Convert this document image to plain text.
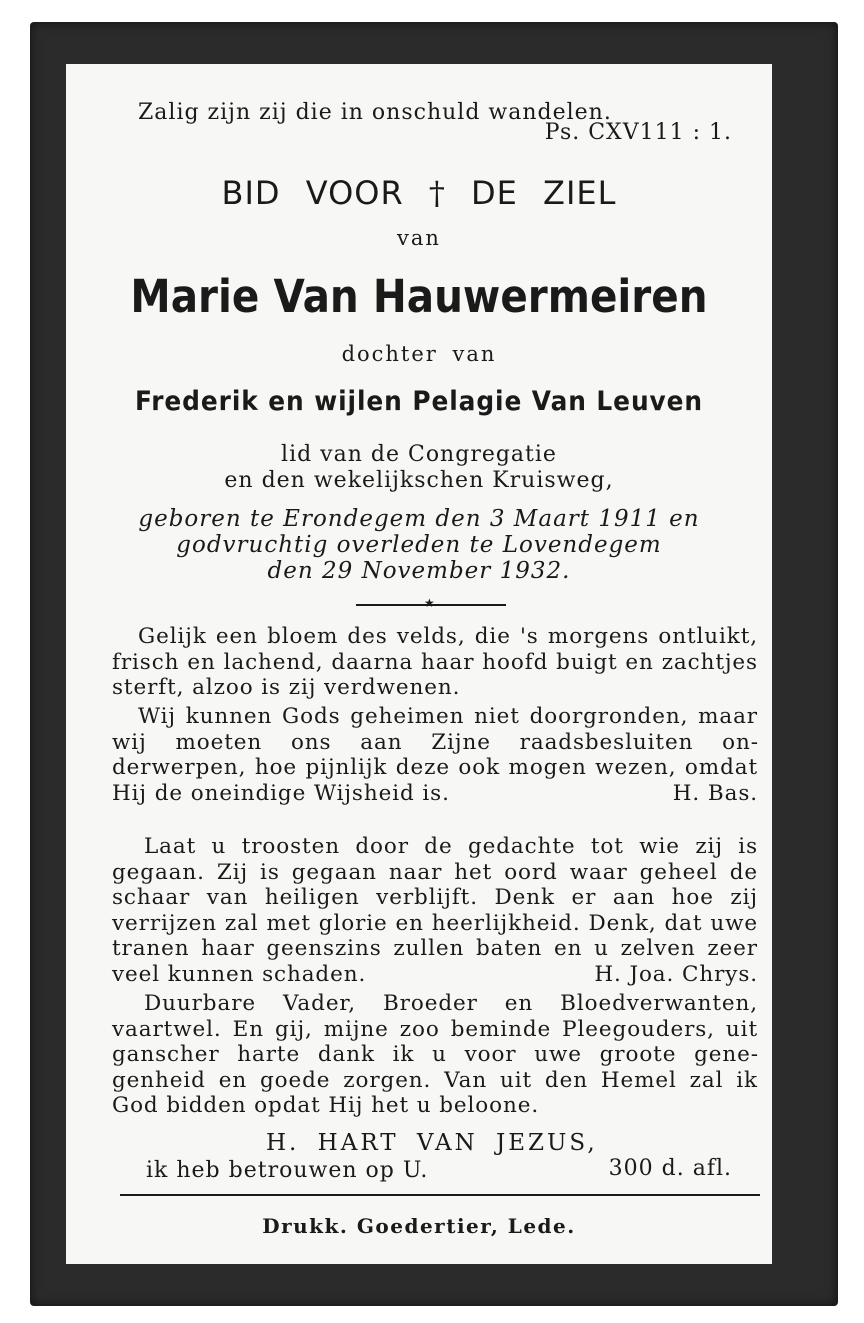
Zalig zijn zij die in onschuld wandelen.
Ps. CXV111 : 1.
BID VOOR † DE ZIEL
van
Marie Van Hauwermeiren
dochter van
Frederik en wijlen Pelagie Van Leuven
lid van de Congregatie
en den wekelijkschen Kruisweg,
geboren te Erondegem den 3 Maart 1911 en
godvruchtig overleden te Lovendegem
den 29 November 1932.
★
Gelijk een bloem des velds, die 's morgens ontluikt, frisch en lachend, daarna haar hoofd buigt en zachtjes sterft, alzoo is zij verdwenen.
Wij kunnen Gods geheimen niet doorgronden, maar wij moeten ons aan Zijne raadsbesluiten onderwerpen, hoe pijnlijk deze ook mogen wezen, omdat Hij de oneindige Wijsheid is.	H. Bas.
Laat u troosten door de gedachte tot wie zij is gegaan. Zij is gegaan naar het oord waar geheel de schaar van heiligen verblijft. Denk er aan hoe zij verrijzen zal met glorie en heerlijkheid. Denk, dat uwe tranen haar geenszins zullen baten en u zelven zeer veel kunnen schaden.	H. Joa. Chrys.
Duurbare Vader, Broeder en Bloedverwanten, vaartwel. En gij, mijne zoo beminde Pleegouders, uit ganscher harte dank ik u voor uwe groote genegenheid en goede zorgen. Van uit den Hemel zal ik God bidden opdat Hij het u beloone.
H. HART VAN JEZUS,
ik heb betrouwen op U.	300 d. afl.
Drukk. Goedertier, Lede.
